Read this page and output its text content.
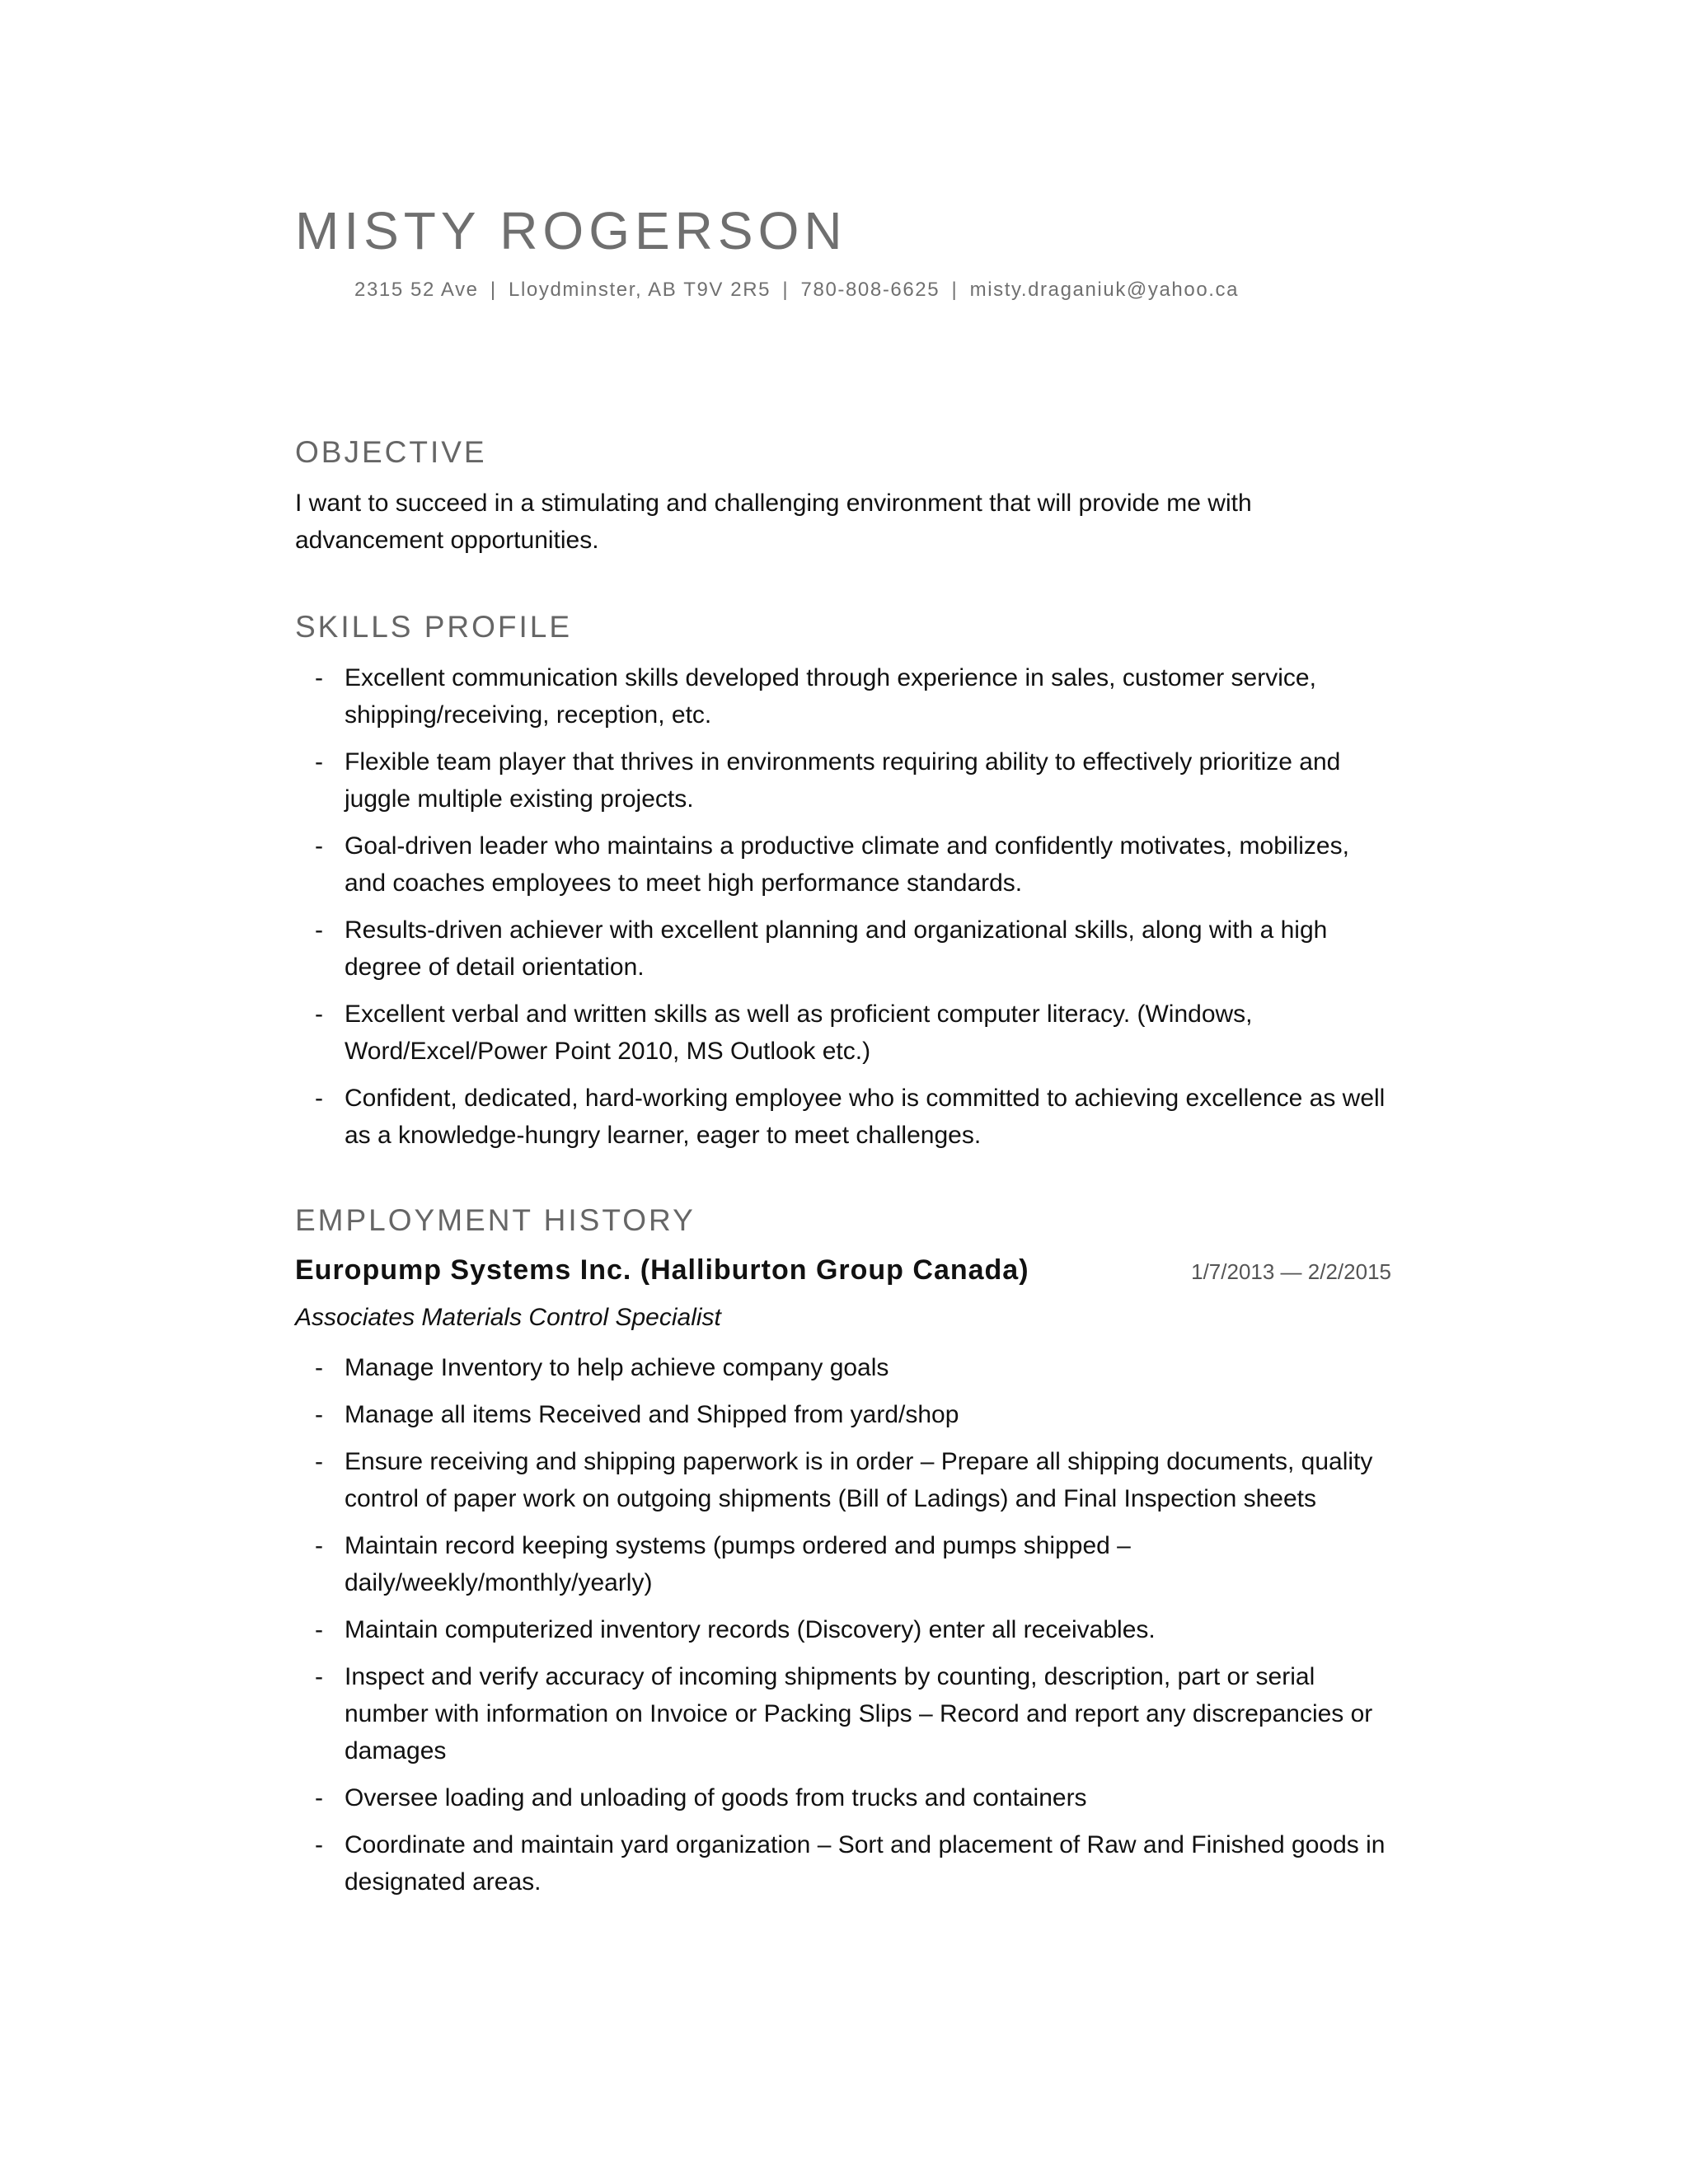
MISTY ROGERSON
2315 52 Ave | Lloydminster, AB T9V 2R5 | 780-808-6625 | misty.draganiuk@yahoo.ca
OBJECTIVE

I want to succeed in a stimulating and challenging environment that will provide me with advancement opportunities.

SKILLS PROFILE
- Excellent communication skills developed through experience in sales, customer service, shipping/receiving, reception, etc.
- Flexible team player that thrives in environments requiring ability to effectively prioritize and juggle multiple existing projects.
- Goal-driven leader who maintains a productive climate and confidently motivates, mobilizes, and coaches employees to meet high performance standards.
- Results-driven achiever with excellent planning and organizational skills, along with a high degree of detail orientation.
- Excellent verbal and written skills as well as proficient computer literacy. (Windows, Word/Excel/Power Point 2010, MS Outlook etc.)
- Confident, dedicated, hard-working employee who is committed to achieving excellence as well as a knowledge-hungry learner, eager to meet challenges.
EMPLOYMENT HISTORY
Europump Systems Inc. (Halliburton Group Canada)	1/7/2013 — 2/2/2015
Associates Materials Control Specialist
- Manage Inventory to help achieve company goals
- Manage all items Received and Shipped from yard/shop
- Ensure receiving and shipping paperwork is in order – Prepare all shipping documents, quality control of paper work on outgoing shipments (Bill of Ladings) and Final Inspection sheets
- Maintain record keeping systems (pumps ordered and pumps shipped – daily/weekly/monthly/yearly)
- Maintain computerized inventory records (Discovery) enter all receivables.
- Inspect and verify accuracy of incoming shipments by counting, description, part or serial number with information on Invoice or Packing Slips – Record and report any discrepancies or damages
- Oversee loading and unloading of goods from trucks and containers
- Coordinate and maintain yard organization – Sort and placement of Raw and Finished goods in designated areas.
